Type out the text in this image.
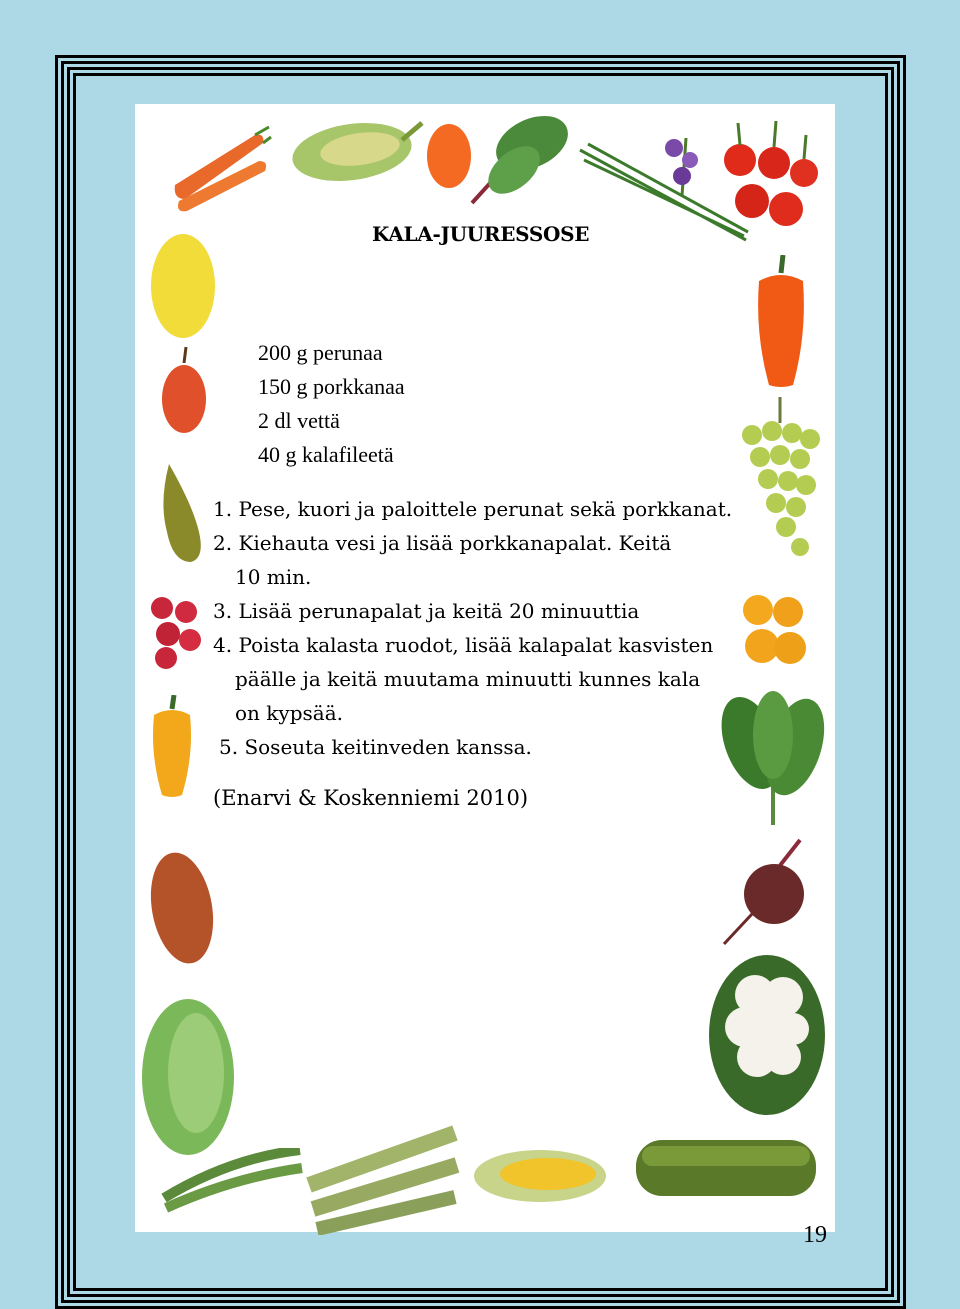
KALA-JUURESSOSE
200 g perunaa
150 g porkkanaa
2 dl vettä
40 g kalafileetä
1. Pese, kuori ja paloittele perunat sekä porkkanat.
2. Kiehauta vesi ja lisää porkkanapalat. Keitä
10 min.
3. Lisää perunapalat ja keitä 20 minuuttia
4. Poista kalasta ruodot, lisää kalapalat kasvisten
päälle ja keitä muutama minuutti kunnes kala
on kypsää.
5. Soseuta keitinveden kanssa.
(Enarvi & Koskenniemi 2010)
19
